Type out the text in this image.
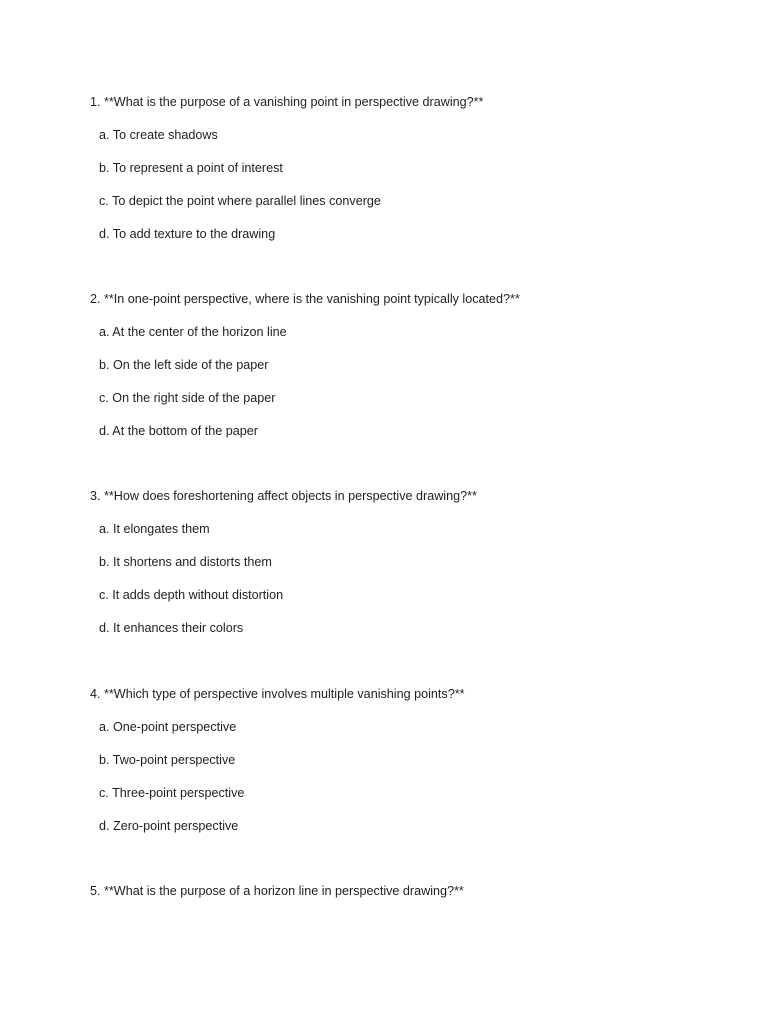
1. **What is the purpose of a vanishing point in perspective drawing?**
a. To create shadows
b. To represent a point of interest
c. To depict the point where parallel lines converge
d. To add texture to the drawing
2. **In one-point perspective, where is the vanishing point typically located?**
a. At the center of the horizon line
b. On the left side of the paper
c. On the right side of the paper
d. At the bottom of the paper
3. **How does foreshortening affect objects in perspective drawing?**
a. It elongates them
b. It shortens and distorts them
c. It adds depth without distortion
d. It enhances their colors
4. **Which type of perspective involves multiple vanishing points?**
a. One-point perspective
b. Two-point perspective
c. Three-point perspective
d. Zero-point perspective
5. **What is the purpose of a horizon line in perspective drawing?**
